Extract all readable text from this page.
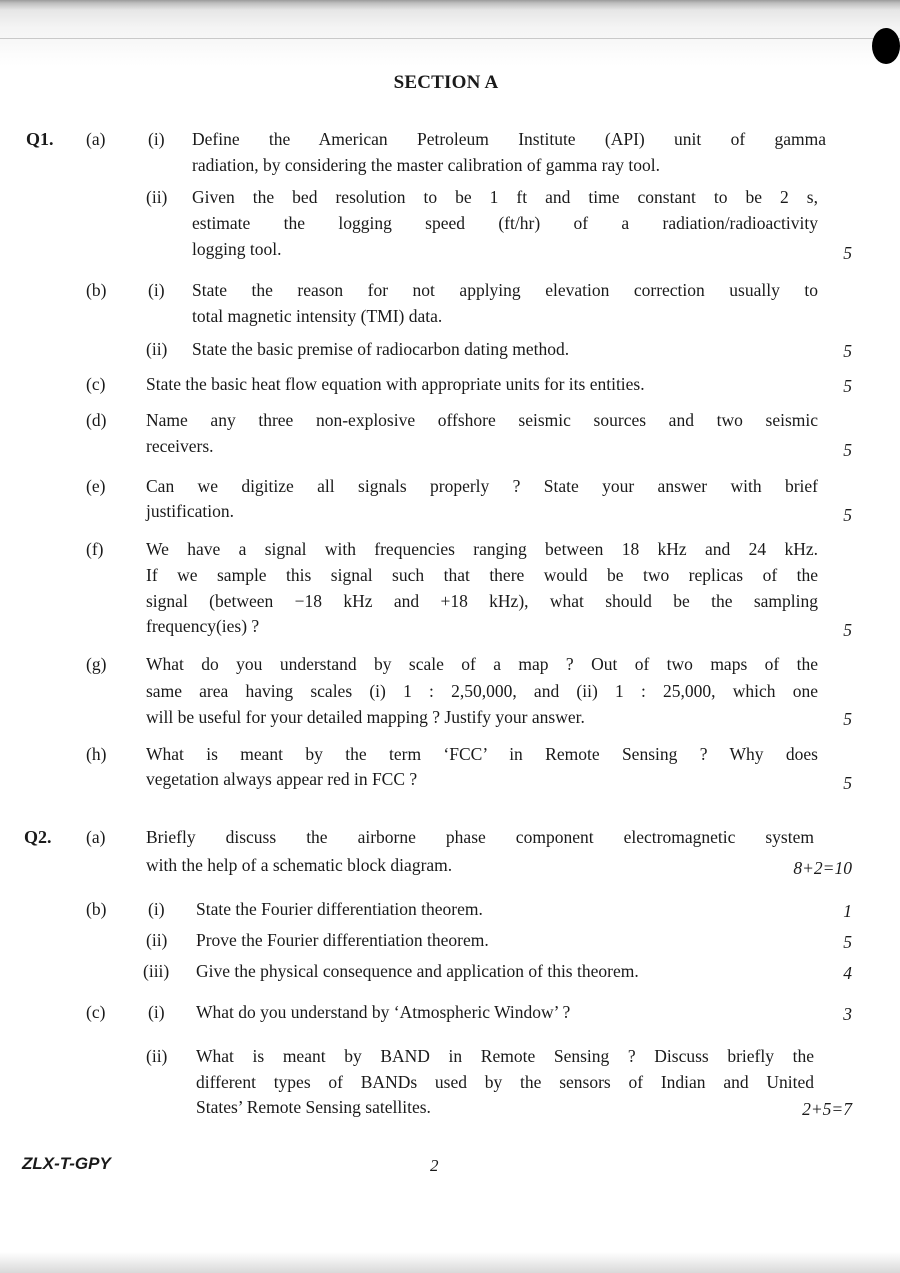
SECTION A
Q1. (a) (i) Define the American Petroleum Institute (API) unit of gamma
radiation, by considering the master calibration of gamma ray tool.
(ii) Given the bed resolution to be 1 ft and time constant to be 2 s,
estimate the logging speed (ft/hr) of a radiation/radioactivity
logging tool.	5
(b) (i) State the reason for not applying elevation correction usually to
total magnetic intensity (TMI) data.
(ii) State the basic premise of radiocarbon dating method.	5
(c) State the basic heat flow equation with appropriate units for its entities.	5
(d) Name any three non-explosive offshore seismic sources and two seismic
receivers.	5
(e) Can we digitize all signals properly ? State your answer with brief
justification.	5
(f) We have a signal with frequencies ranging between 18 kHz and 24 kHz.
If we sample this signal such that there would be two replicas of the
signal (between −18 kHz and +18 kHz), what should be the sampling
frequency(ies) ?	5
(g) What do you understand by scale of a map ? Out of two maps of the
same area having scales (i) 1 : 2,50,000, and (ii) 1 : 25,000, which one
will be useful for your detailed mapping ? Justify your answer.	5
(h) What is meant by the term ‘FCC’ in Remote Sensing ? Why does
vegetation always appear red in FCC ?	5
Q2. (a) Briefly discuss the airborne phase component electromagnetic system
with the help of a schematic block diagram.	8+2=10
(b) (i) State the Fourier differentiation theorem.	1
(ii) Prove the Fourier differentiation theorem.	5
(iii) Give the physical consequence and application of this theorem.	4
(c) (i) What do you understand by ‘Atmospheric Window’ ?	3
(ii) What is meant by BAND in Remote Sensing ? Discuss briefly the
different types of BANDs used by the sensors of Indian and United
States’ Remote Sensing satellites.	2+5=7
ZLX-T-GPY	2
